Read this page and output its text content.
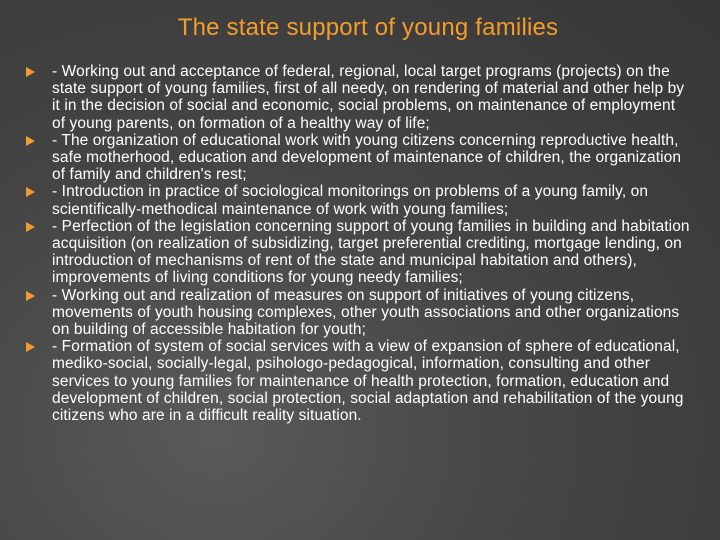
The state support of young families
- Working out and acceptance of federal, regional, local target programs (projects) on the state support of young families, first of all needy, on rendering of material and other help by it in the decision of social and economic, social problems, on maintenance of employment of young parents, on formation of a healthy way of life;
- The organization of educational work with young citizens concerning reproductive health, safe motherhood, education and development of maintenance of children, the organization of family and children's rest;
- Introduction in practice of sociological monitorings on problems of a young family, on scientifically-methodical maintenance of work with young families;
- Perfection of the legislation concerning support of young families in building and habitation acquisition (on realization of subsidizing, target preferential crediting, mortgage lending, on introduction of mechanisms of rent of the state and municipal habitation and others), improvements of living conditions for young needy families;
- Working out and realization of measures on support of initiatives of young citizens, movements of youth housing complexes, other youth associations and other organizations on building of accessible habitation for youth;
- Formation of system of social services with a view of expansion of sphere of educational, mediko-social, socially-legal, psihologo-pedagogical, information, consulting and other services to young families for maintenance of health protection, formation, education and development of children, social protection, social adaptation and rehabilitation of the young citizens who are in a difficult reality situation.
